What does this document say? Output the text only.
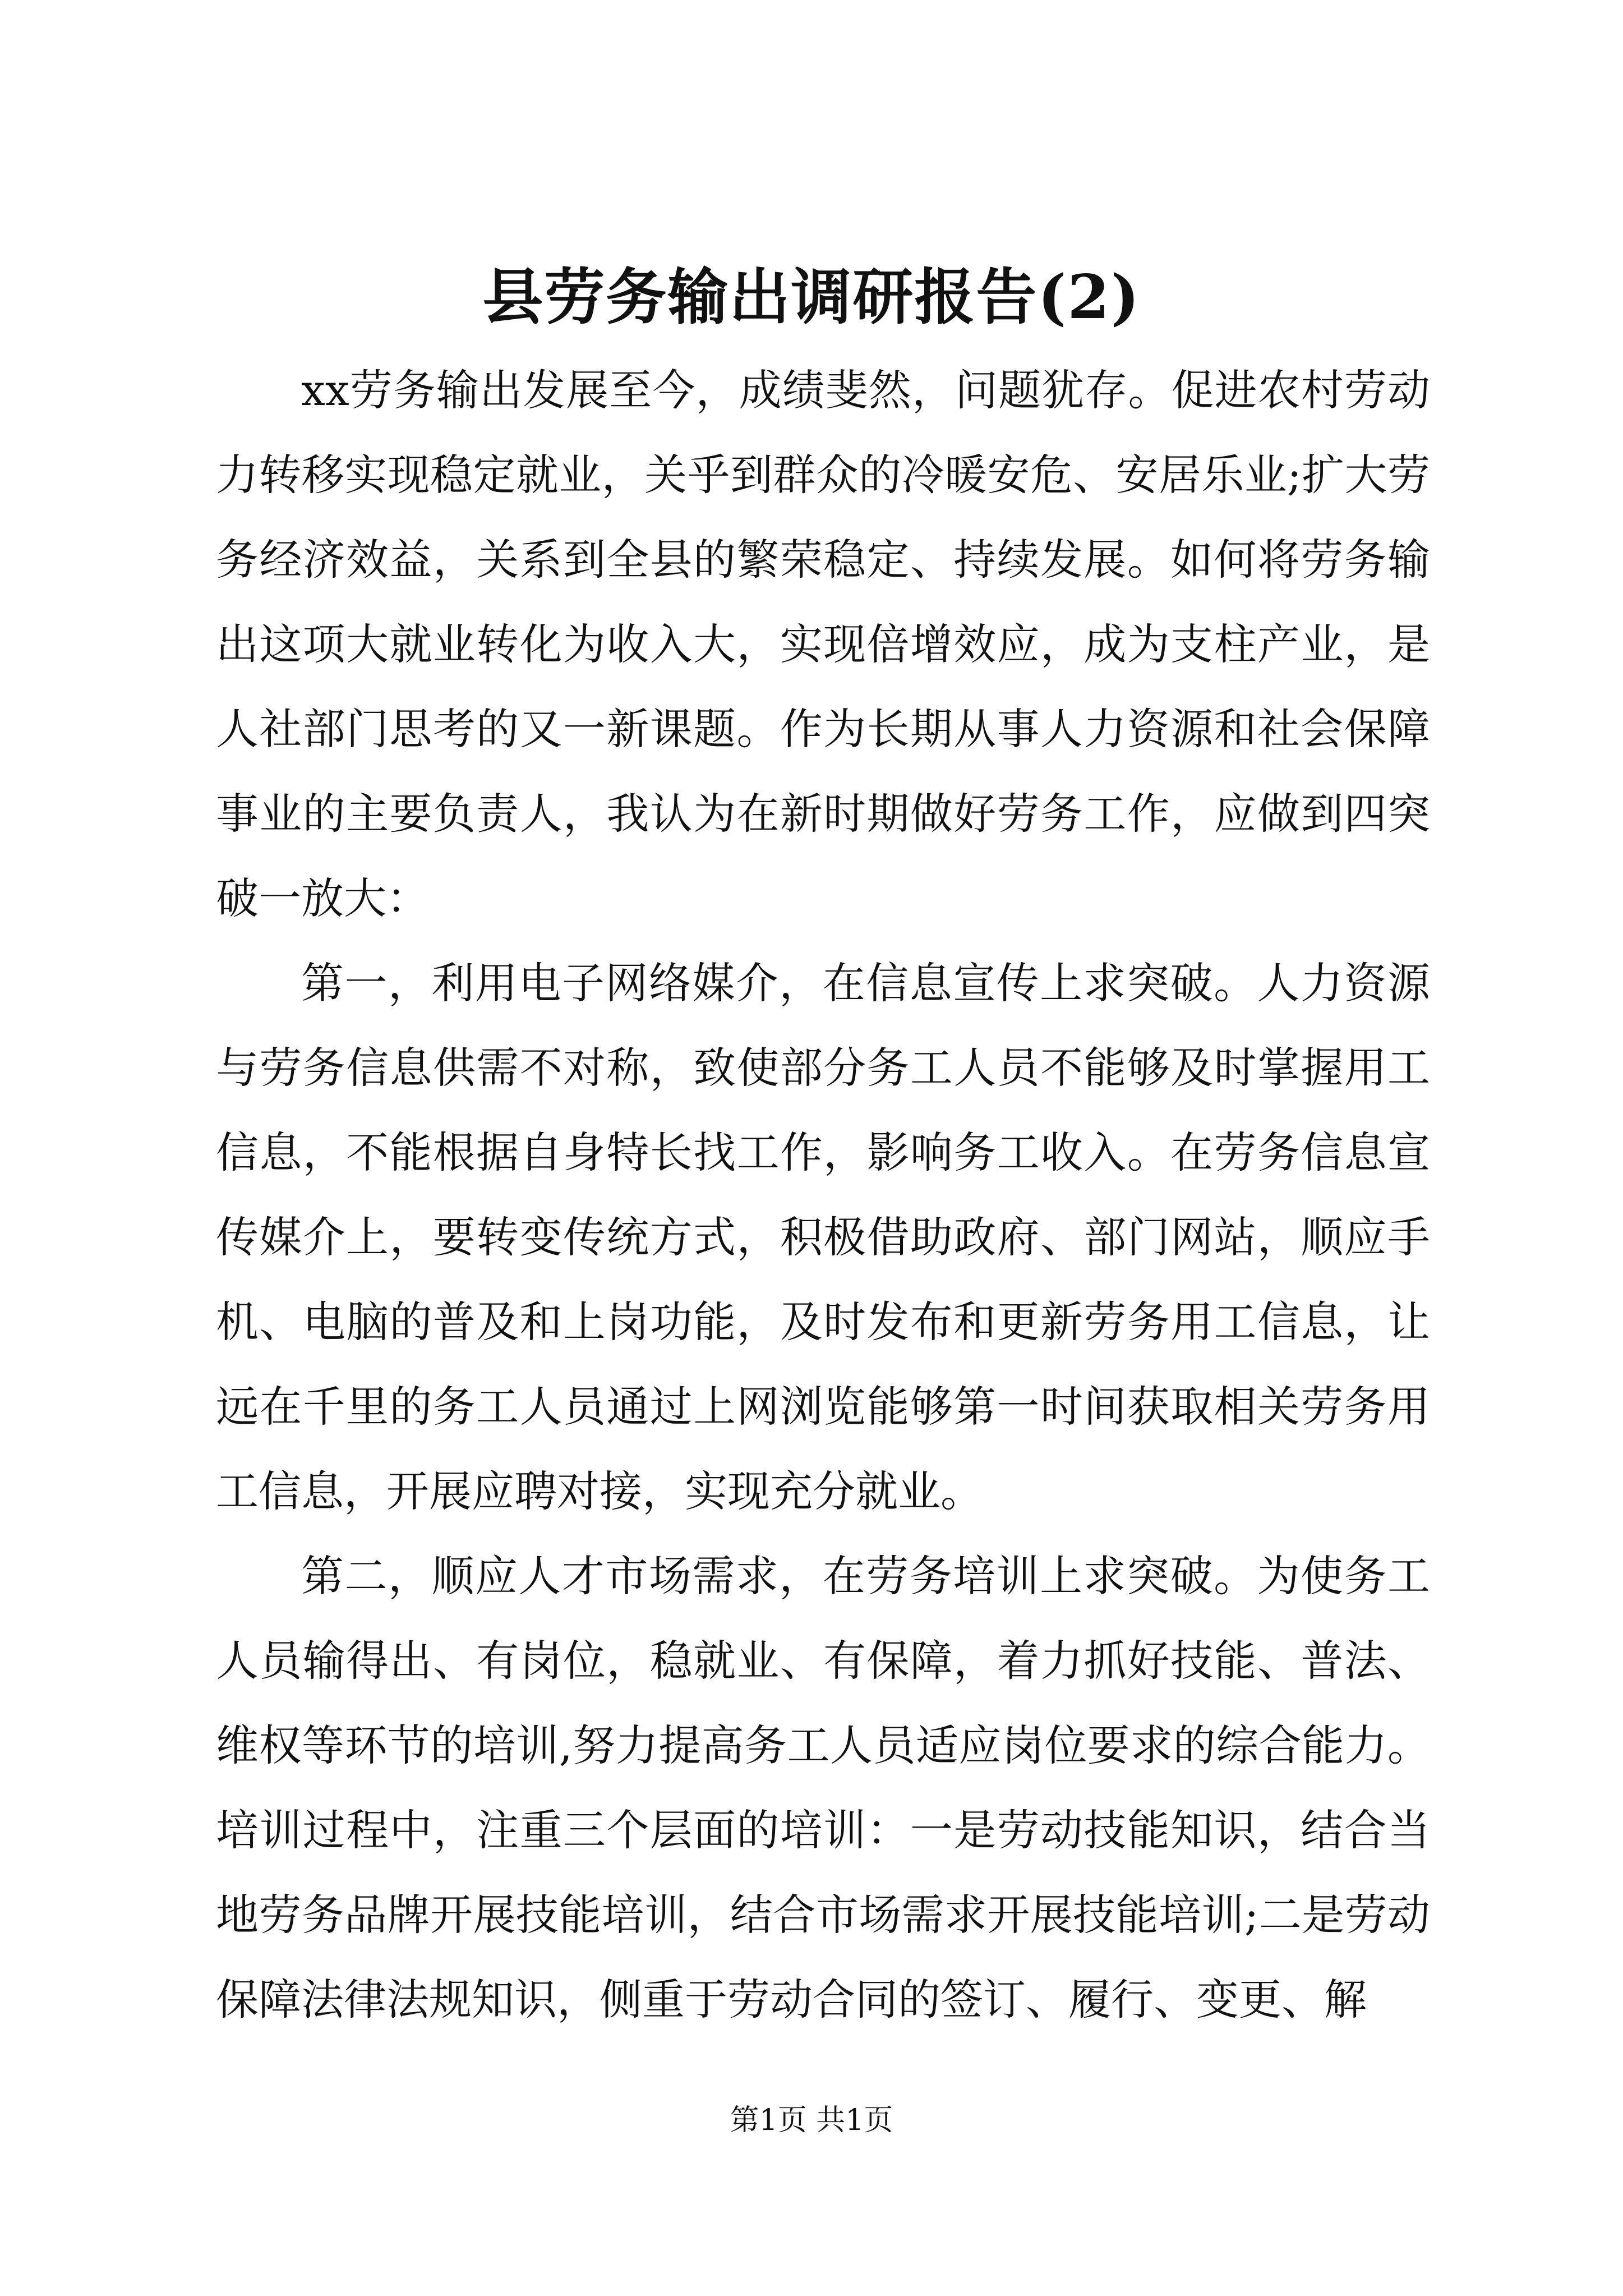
县劳务输出调研报告(2)

xx劳务输出发展至今，成绩斐然，问题犹存。促进农村劳动力转移实现稳定就业，关乎到群众的冷暖安危、安居乐业;扩大劳务经济效益，关系到全县的繁荣稳定、持续发展。如何将劳务输出这项大就业转化为收入大，实现倍增效应，成为支柱产业，是人社部门思考的又一新课题。作为长期从事人力资源和社会保障事业的主要负责人，我认为在新时期做好劳务工作，应做到四突破一放大：

第一，利用电子网络媒介，在信息宣传上求突破。人力资源与劳务信息供需不对称，致使部分务工人员不能够及时掌握用工信息，不能根据自身特长找工作，影响务工收入。在劳务信息宣传媒介上，要转变传统方式，积极借助政府、部门网站，顺应手机、电脑的普及和上岗功能，及时发布和更新劳务用工信息，让远在千里的务工人员通过上网浏览能够第一时间获取相关劳务用工信息，开展应聘对接，实现充分就业。

第二，顺应人才市场需求，在劳务培训上求突破。为使务工人员输得出、有岗位，稳就业、有保障，着力抓好技能、普法、维权等环节的培训,努力提高务工人员适应岗位要求的综合能力。培训过程中，注重三个层面的培训：一是劳动技能知识，结合当地劳务品牌开展技能培训，结合市场需求开展技能培训;二是劳动保障法律法规知识，侧重于劳动合同的签订、履行、变更、解

第1页 共1页
